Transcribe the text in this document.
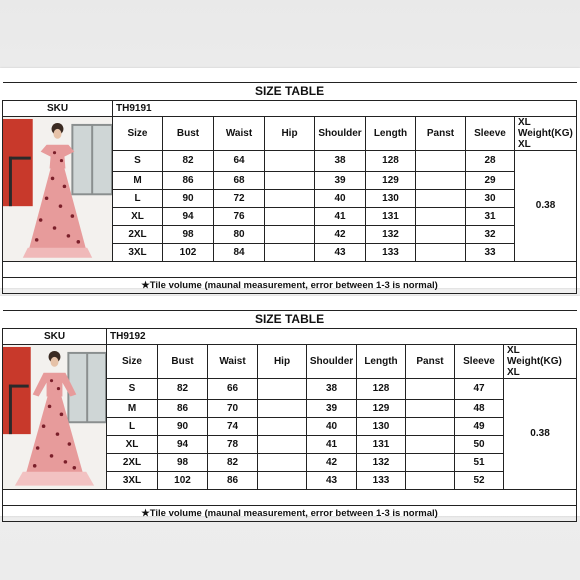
SIZE TABLE									
SKU	TH9191								

	Size	Bust	Waist	Hip	Shoulder	Length	Panst	Sleeve	XL Weight(KG)
XL
	S	82	64		38	128		28	0.38
	M	86	68		39	129		29	
	L	90	72		40	130		30	
	XL	94	76		41	131		31	
	2XL	98	80		42	132		32	
	3XL	102	84		43	133		33	

★Tile volume (maunal measurement, error between 1-3 is normal)									
SIZE TABLE									
SKU	TH9192								

	Size	Bust	Waist	Hip	Shoulder	Length	Panst	Sleeve	XL Weight(KG)
XL
	S	82	66		38	128		47	0.38
	M	86	70		39	129		48	
	L	90	74		40	130		49	
	XL	94	78		41	131		50	
	2XL	98	82		42	132		51	
	3XL	102	86		43	133		52	

★Tile volume (maunal measurement, error between 1-3 is normal)									
